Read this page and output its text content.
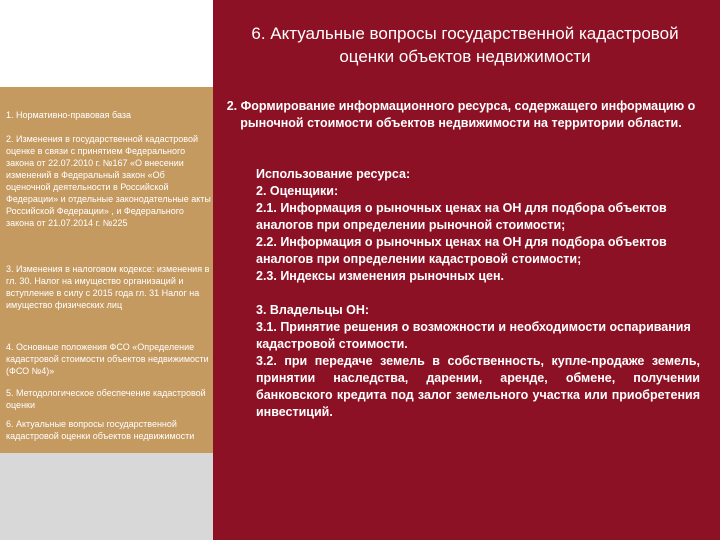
6. Актуальные вопросы государственной кадастровой оценки объектов недвижимости
1. Нормативно-правовая база
2. Изменения в государственной кадастровой оценке в связи с принятием Федерального закона от 22.07.2010 г. №167 «О внесении изменений в Федеральный закон «Об оценочной деятельности в Российской Федерации» и отдельные законодательные акты Российской Федерации» , и Федерального закона от 21.07.2014 г. №225
3. Изменения в налоговом кодексе: изменения в гл. 30. Налог на имущество организаций и вступление в силу с 2015 года гл. 31 Налог на имущество физических лиц
4. Основные положения ФСО «Определение кадастровой стоимости объектов недвижимости (ФСО №4)»
5. Методологическое обеспечение кадастровой оценки
6. Актуальные вопросы государственной кадастровой оценки объектов недвижимости
2. Формирование информационного ресурса, содержащего информацию о рыночной стоимости объектов недвижимости на территории области.
Использование ресурса:
2. Оценщики:
2.1. Информация о рыночных ценах на ОН для подбора объектов аналогов при определении рыночной стоимости;
2.2. Информация о рыночных ценах на ОН для подбора объектов аналогов при определении кадастровой стоимости;
2.3. Индексы изменения рыночных цен.
3. Владельцы ОН:
3.1. Принятие решения о возможности и необходимости оспаривания кадастровой стоимости.
3.2. при передаче земель в собственность, купле-продаже земель, принятии наследства, дарении, аренде, обмене, получении банковского кредита под залог земельного участка или приобретения инвестиций.
